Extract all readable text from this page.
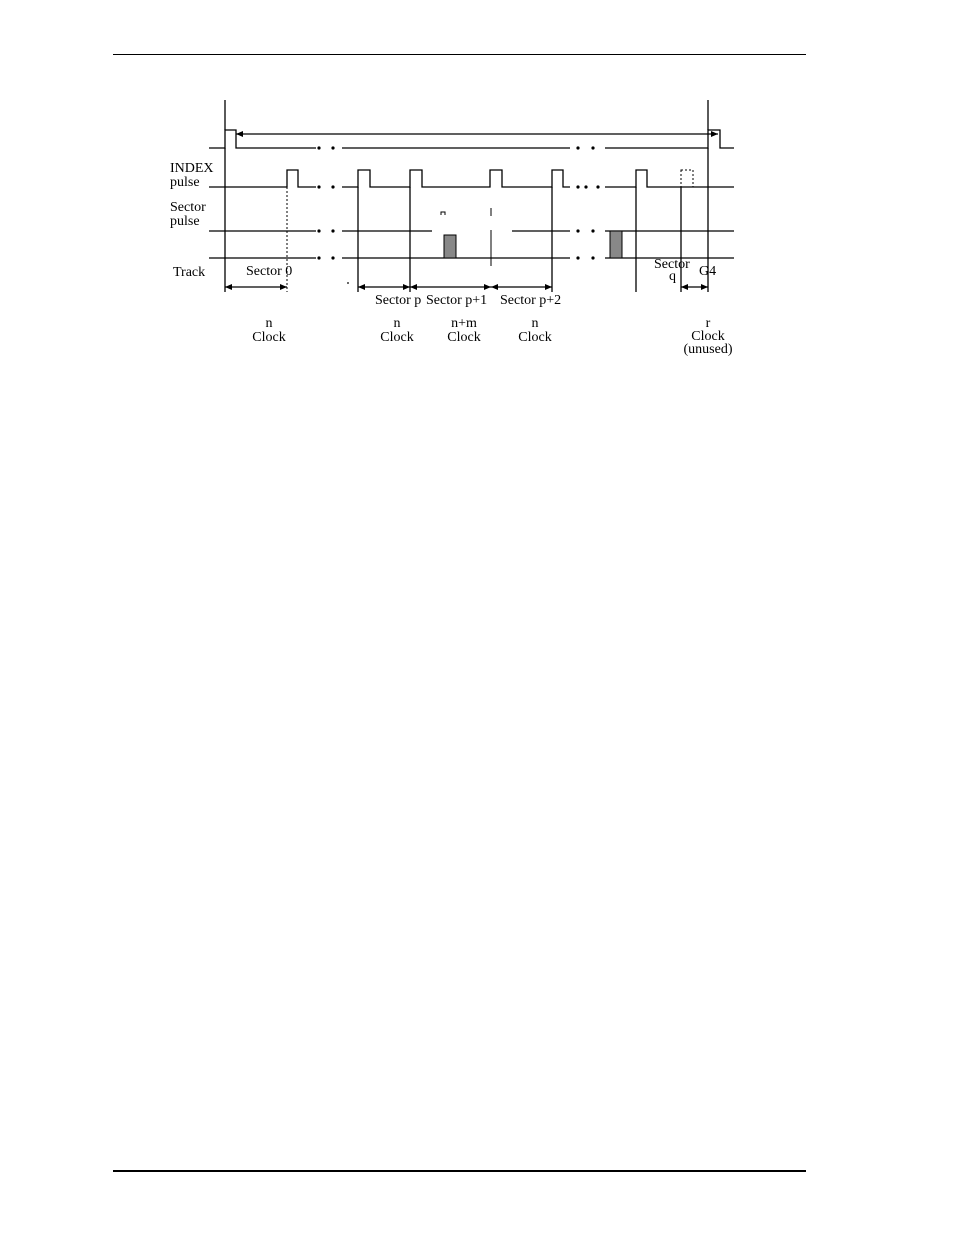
INDEX
pulse
Sector
pulse
Track	Sector 0
Sector p Sector p+1 Sector p+2
Sector
q G4
n
Clock
n
Clock
n+m
Clock
n
Clock
r
Clock
(unused)
